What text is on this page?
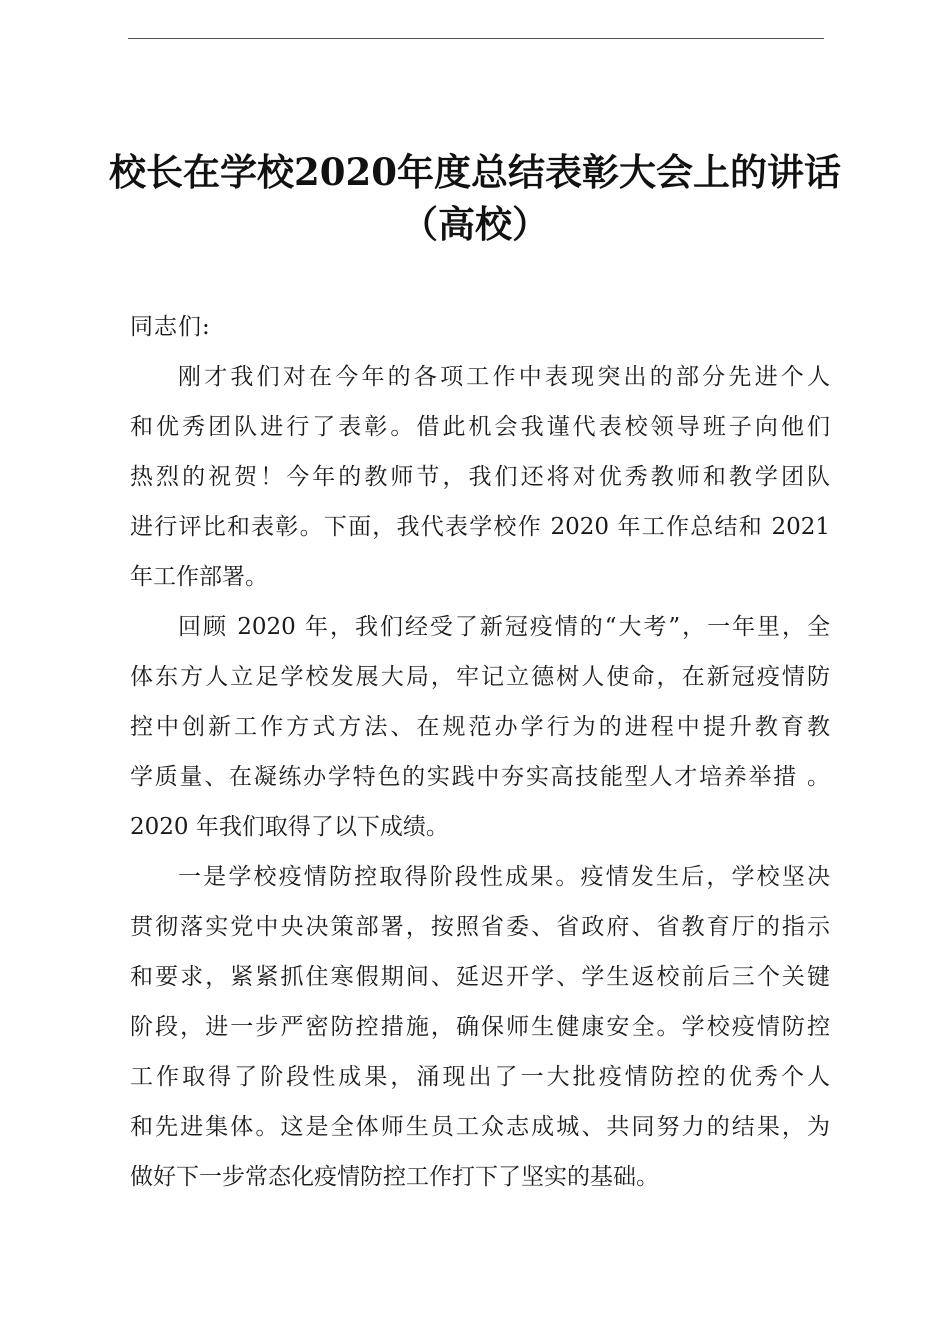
校长在学校2020年度总结表彰大会上的讲话
（高校）
同志们:
刚才我们对在今年的各项工作中表现突出的部分先进个人
和优秀团队进行了表彰。借此机会我谨代表校领导班子向他们
热烈的祝贺！今年的教师节，我们还将对优秀教师和教学团队
进行评比和表彰。下面，我代表学校作 2020 年工作总结和 2021
年工作部署。
回顾 2020 年，我们经受了新冠疫情的“大考”，一年里，全
体东方人立足学校发展大局，牢记立德树人使命，在新冠疫情防
控中创新工作方式方法、在规范办学行为的进程中提升教育教
学质量、在凝练办学特色的实践中夯实高技能型人才培养举措 。
2020 年我们取得了以下成绩。
一是学校疫情防控取得阶段性成果。疫情发生后，学校坚决
贯彻落实党中央决策部署，按照省委、省政府、省教育厅的指示
和要求，紧紧抓住寒假期间、延迟开学、学生返校前后三个关键
阶段，进一步严密防控措施，确保师生健康安全。学校疫情防控
工作取得了阶段性成果，涌现出了一大批疫情防控的优秀个人
和先进集体。这是全体师生员工众志成城、共同努力的结果，为
做好下一步常态化疫情防控工作打下了坚实的基础。
